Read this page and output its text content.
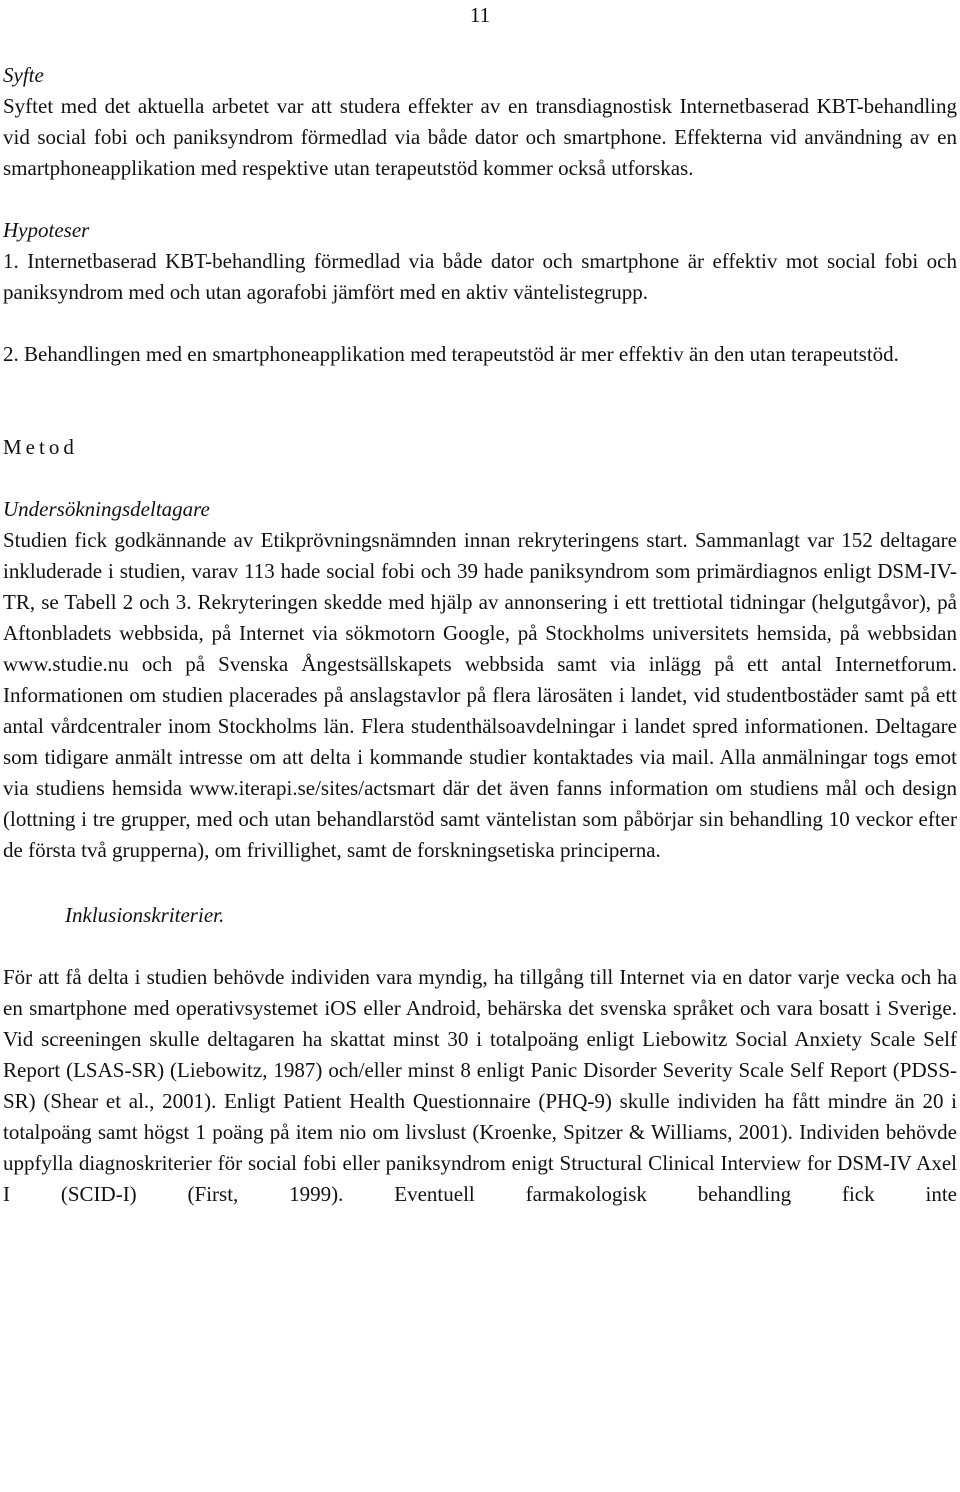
11

Syfte

Syftet med det aktuella arbetet var att studera effekter av en transdiagnostisk Internetbaserad KBT-behandling vid social fobi och paniksyndrom förmedlad via både dator och smartphone. Effekterna vid användning av en smartphoneapplikation med respektive utan terapeutstöd kommer också utforskas.

Hypoteser

1. Internetbaserad KBT-behandling förmedlad via både dator och smartphone är effektiv mot social fobi och paniksyndrom med och utan agorafobi jämfört med en aktiv väntelistegrupp.

2. Behandlingen med en smartphoneapplikation med terapeutstöd är mer effektiv än den utan terapeutstöd.

Metod

Undersökningsdeltagare

Studien fick godkännande av Etikprövningsnämnden innan rekryteringens start. Sammanlagt var 152 deltagare inkluderade i studien, varav 113 hade social fobi och 39 hade paniksyndrom som primärdiagnos enligt DSM-IV-TR, se Tabell 2 och 3. Rekryteringen skedde med hjälp av annonsering i ett trettiotal tidningar (helgutgåvor), på Aftonbladets webbsida, på Internet via sökmotorn Google, på Stockholms universitets hemsida, på webbsidan www.studie.nu och på Svenska Ångestsällskapets webbsida samt via inlägg på ett antal Internetforum. Informationen om studien placerades på anslagstavlor på flera lärosäten i landet, vid studentbostäder samt på ett antal vårdcentraler inom Stockholms län. Flera studenthälsoavdelningar i landet spred informationen. Deltagare som tidigare anmält intresse om att delta i kommande studier kontaktades via mail. Alla anmälningar togs emot via studiens hemsida www.iterapi.se/sites/actsmart där det även fanns information om studiens mål och design (lottning i tre grupper, med och utan behandlarstöd samt väntelistan som påbörjar sin behandling 10 veckor efter de första två grupperna), om frivillighet, samt de forskningsetiska principerna.

Inklusionskriterier.

För att få delta i studien behövde individen vara myndig, ha tillgång till Internet via en dator varje vecka och ha en smartphone med operativsystemet iOS eller Android, behärska det svenska språket och vara bosatt i Sverige. Vid screeningen skulle deltagaren ha skattat minst 30 i totalpoäng enligt Liebowitz Social Anxiety Scale Self Report (LSAS-SR) (Liebowitz, 1987) och/eller minst 8 enligt Panic Disorder Severity Scale Self Report (PDSS-SR) (Shear et al., 2001). Enligt Patient Health Questionnaire (PHQ-9) skulle individen ha fått mindre än 20 i totalpoäng samt högst 1 poäng på item nio om livslust (Kroenke, Spitzer & Williams, 2001). Individen behövde uppfylla diagnoskriterier för social fobi eller paniksyndrom enigt Structural Clinical Interview for DSM-IV Axel I (SCID-I) (First, 1999). Eventuell farmakologisk behandling fick inte
